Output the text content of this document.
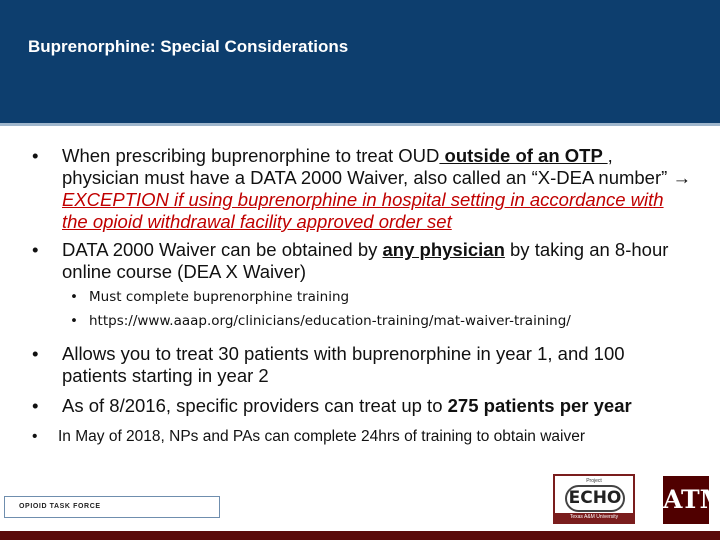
Buprenorphine: Special Considerations
• When prescribing buprenorphine to treat OUD outside of an OTP , physician must have a DATA 2000 Waiver, also called an “X-DEA number” → EXCEPTION if using buprenorphine in hospital setting in accordance with the opioid withdrawal facility approved order set
• DATA 2000 Waiver can be obtained by any physician by taking an 8-hour online course (DEA X Waiver)
• Must complete buprenorphine training
• https://www.aaap.org/clinicians/education-training/mat-waiver-training/
• Allows you to treat 30 patients with buprenorphine in year 1, and 100 patients starting in year 2
• As of 8/2016, specific providers can treat up to 275 patients per year
• In May of 2018, NPs and PAs can complete 24hrs of training to obtain waiver
OPIOID TASK FORCE
Project
ECHO
Texas A&M University
ATM
